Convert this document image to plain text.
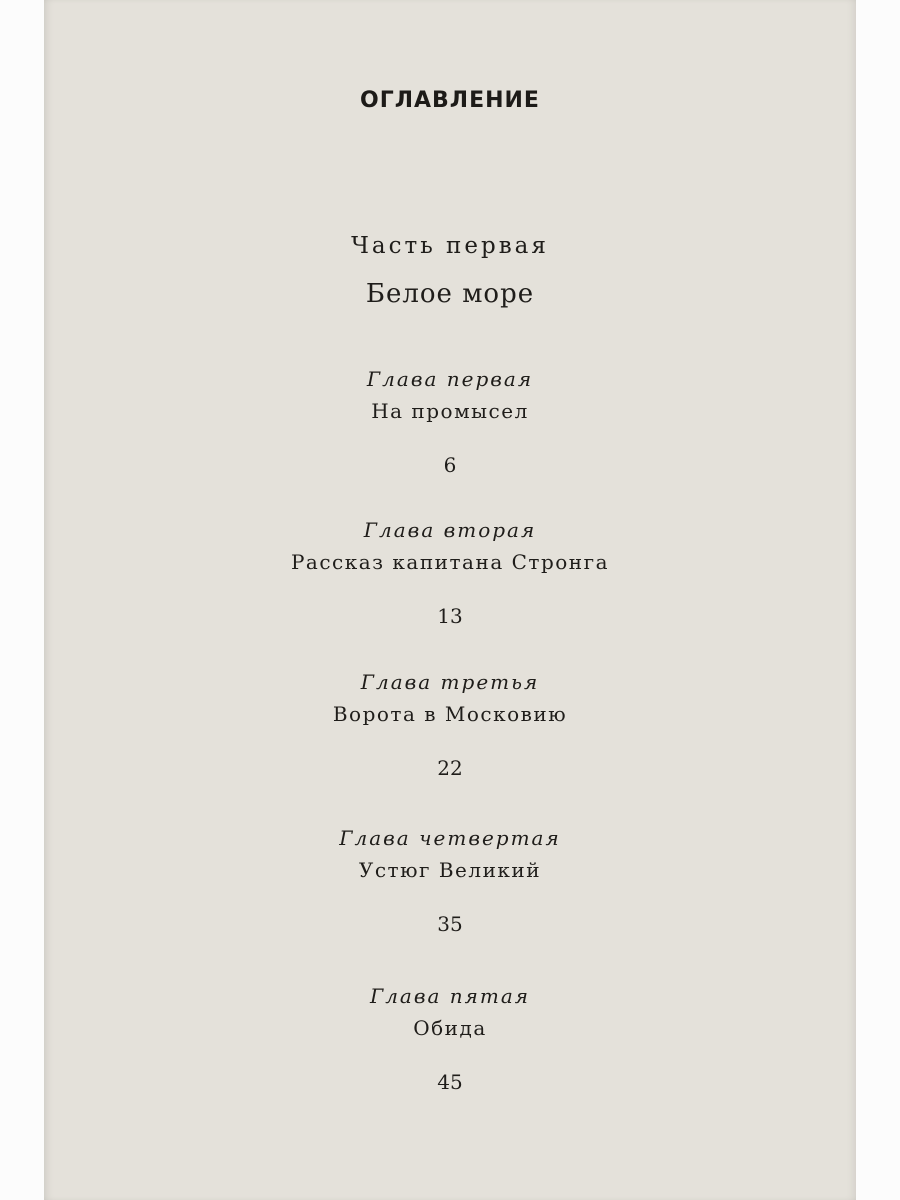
ОГЛАВЛЕНИЕ
Часть первая
Белое море
Глава первая
На промысел
6
Глава вторая
Рассказ капитана Стронга
13
Глава третья
Ворота в Московию
22
Глава четвертая
Устюг Великий
35
Глава пятая
Обида
45
